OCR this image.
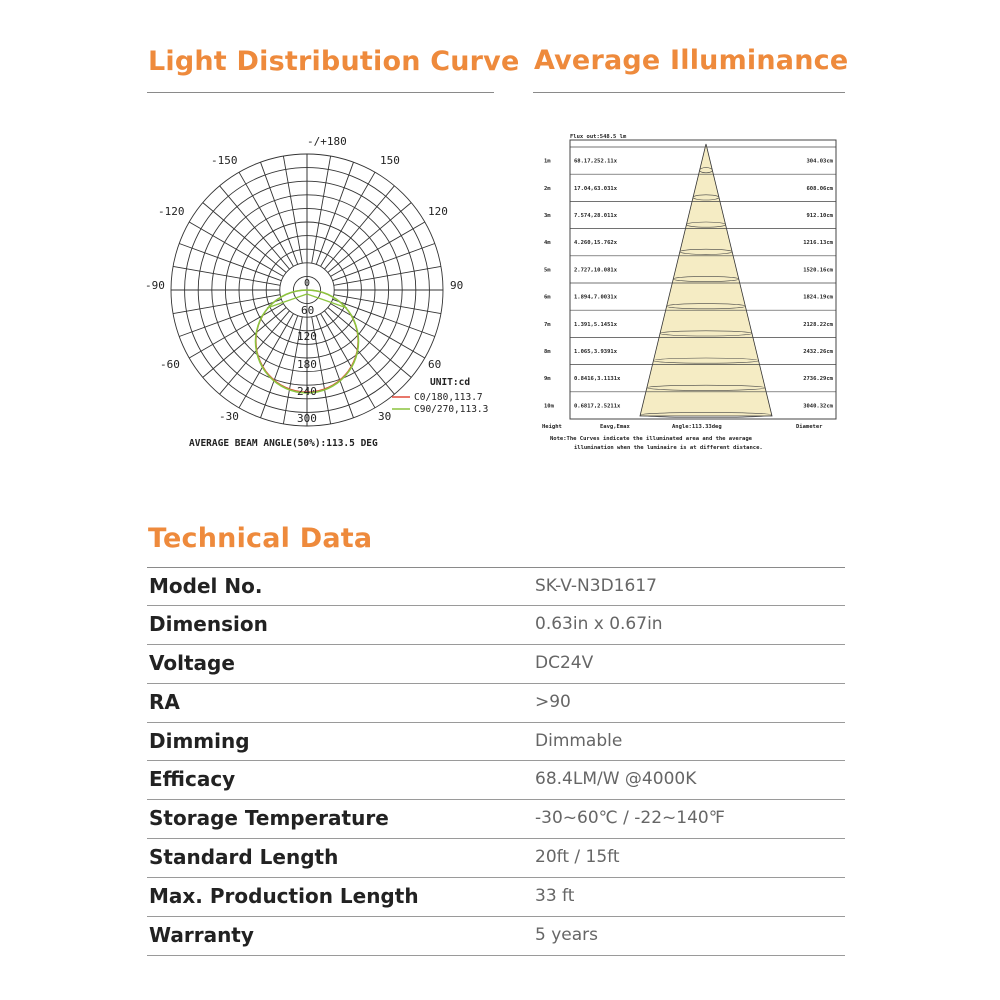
Light Distribution Curve Average Illuminance
-/+180
-150	150
-120	120
-90	90
-60	60
-30	30
0
60
120
180
240
300
UNIT:cd
C0/180,113.7
C90/270,113.3
AVERAGE BEAM ANGLE(50%):113.5 DEG
Flux out:548.5 lm
1m	68.17,252.11x	304.03cm
2m	17.04,63.031x	608.06cm
3m	7.574,28.011x	912.10cm
4m	4.260,15.762x	1216.13cm
5m	2.727,10.081x	1520.16cm
6m	1.894,7.0031x	1824.19cm
7m	1.391,5.1451x	2128.22cm
8m	1.065,3.9391x	2432.26cm
9m	0.8416,3.1131x	2736.29cm
10m	0.6817,2.5211x	3040.32cm
Height	Eavg,Emax	Angle:113.33deg	Diameter
Note:The Curves indicate the illuminated area and the average
illumination when the luminaire is at different distance.
Technical Data
Model No.	SK-V-N3D1617
Dimension	0.63in x 0.67in
Voltage	DC24V
RA	>90
Dimming	Dimmable
Efficacy	68.4LM/W @4000K
Storage Temperature	-30~60℃ / -22~140℉
Standard Length	20ft / 15ft
Max. Production Length	33 ft
Warranty	5 years
